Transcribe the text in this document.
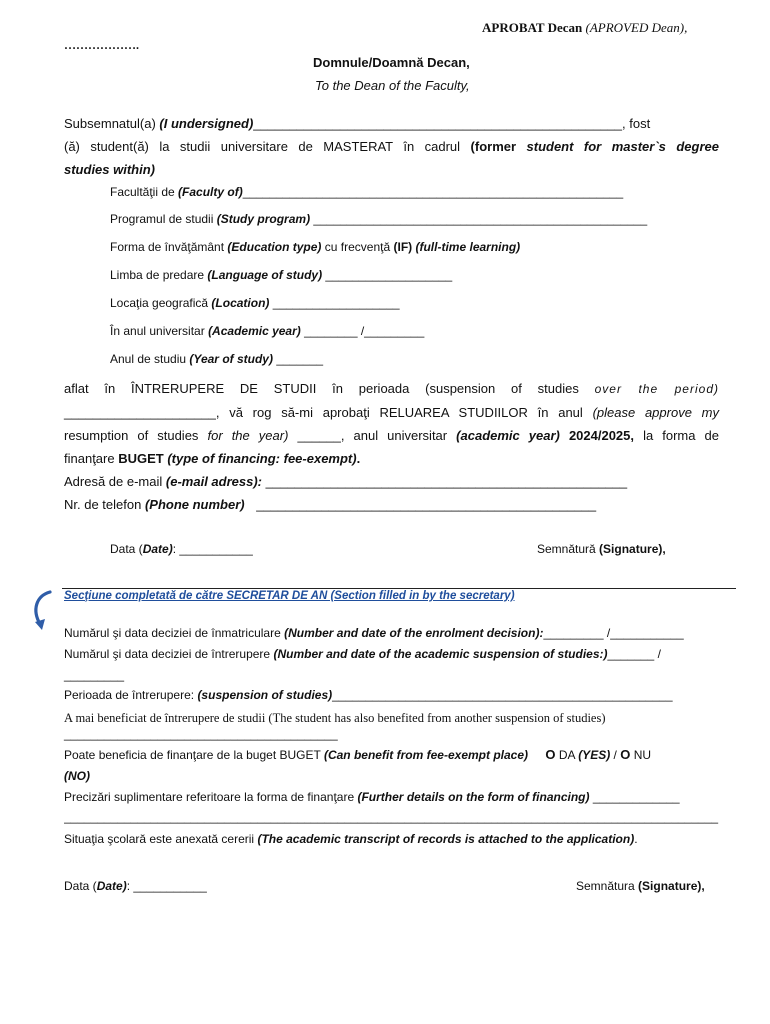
APROBAT Decan (APROVED Dean),
……………….
Domnule/Doamnă Decan,
To the Dean of the Faculty,
Subsemnatul(a) (I undersigned)___________________________________________________, fost
(ă) student(ă) la studii universitare de MASTERAT în cadrul (former student for master`s degree
studies within)
Facultăţii de (Faculty of)_________________________________________________________
Programul de studii (Study program) __________________________________________________
Forma de învăţământ (Education type) cu frecvenţă (IF) (full-time learning)
Limba de predare (Language of study) ___________________
Locaţia geografică (Location) ___________________
În anul universitar (Academic year) ________ /_________
Anul de studiu (Year of study) _______
aflat în ÎNTRERUPERE DE STUDII în perioada (suspension of studies over the period)
_____________________, vă rog să-mi aprobaţi RELUAREA STUDIILOR în anul (please approve my
resumption of studies for the year) ______, anul universitar (academic year) 2024/2025, la forma de
finanţare BUGET (type of financing: fee-exempt).
Adresă de e-mail (e-mail adress): __________________________________________________
Nr. de telefon (Phone number) _______________________________________________
Data (Date): ___________	Semnătură (Signature),
Secţiune completată de către SECRETAR DE AN (Section filled in by the secretary)
Numărul şi data deciziei de înmatriculare (Number and date of the enrolment decision):_________ /___________
Numărul şi data deciziei de întrerupere (Number and date of the academic suspension of studies:)_______ /
_________
Perioada de întrerupere: (suspension of studies)___________________________________________________
A mai beneficiat de întrerupere de studii (The student has also benefited from another suspension of studies)
_________________________________________
Poate beneficia de finanţare de la buget BUGET (Can benefit from fee-exempt place) O DA (YES) / O NU
(NO)
Precizări suplimentare referitoare la forma de finanţare (Further details on the form of financing) _____________
__________________________________________________________________________________________________
Situaţia şcolară este anexată cererii (The academic transcript of records is attached to the application).
Data (Date): ___________	Semnătura (Signature),
